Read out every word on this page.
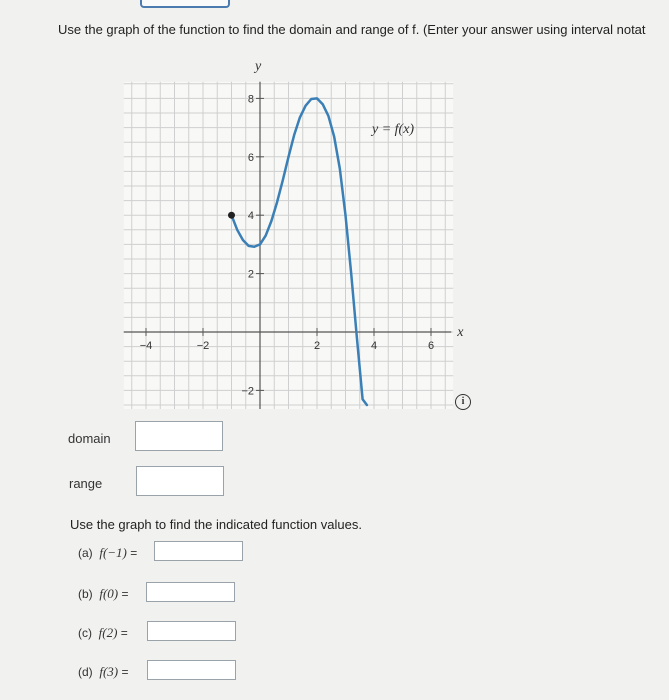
Use the graph of the function to find the domain and range of f. (Enter your answer using interval notat
−4	−2	2	4	6
8
6
4
2
−2
y
x
y = f(x)
i
domain
range
Use the graph to find the indicated function values.
(a) f(−1) =
(b) f(0) =
(c) f(2) =
(d) f(3) =
